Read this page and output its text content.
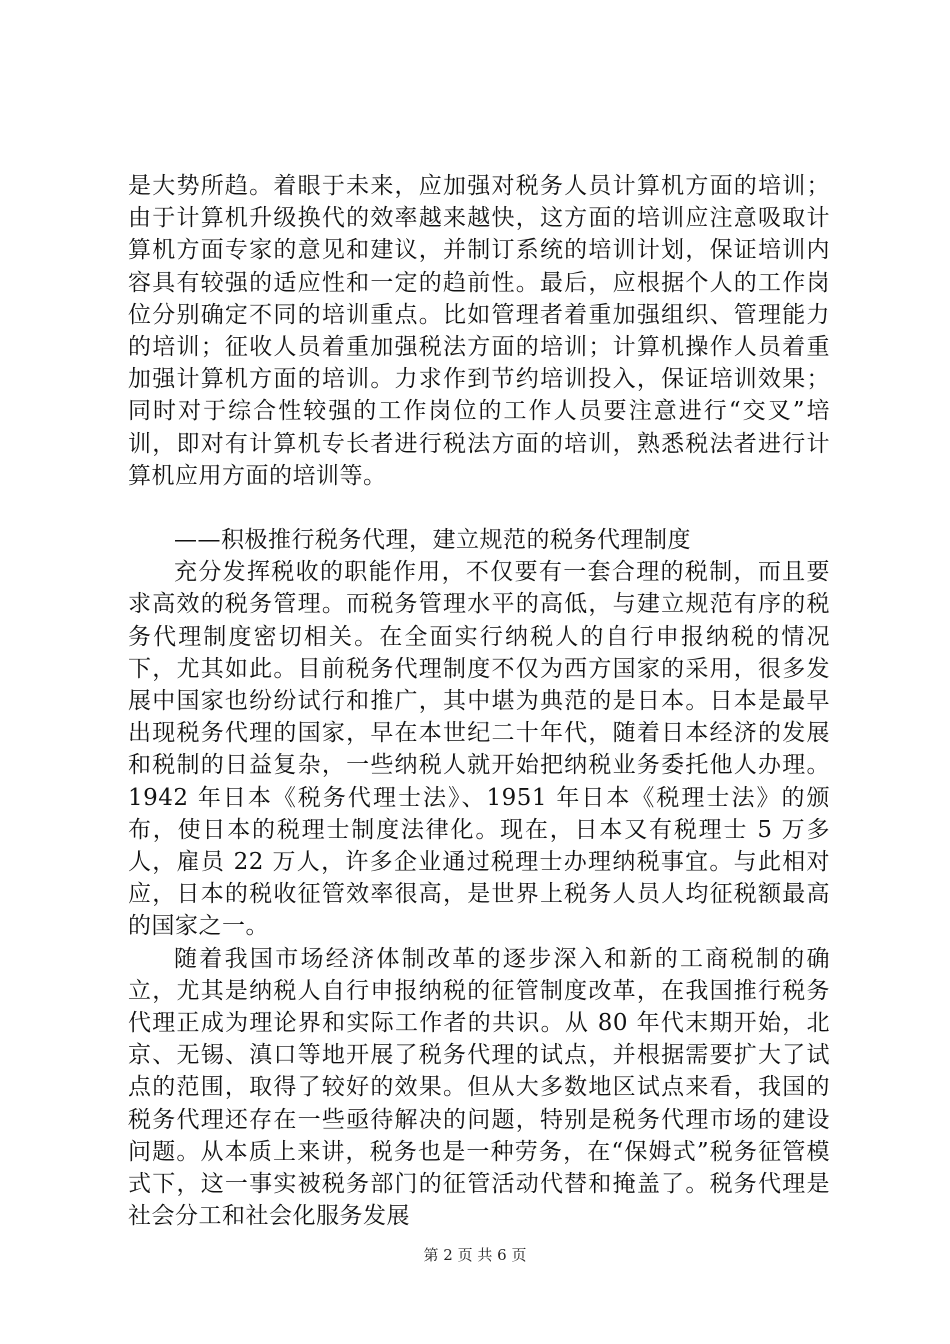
是大势所趋。着眼于未来，应加强对税务人员计算机方面的培训；由于计算机升级换代的效率越来越快，这方面的培训应注意吸取计算机方面专家的意见和建议，并制订系统的培训计划，保证培训内容具有较强的适应性和一定的趋前性。最后，应根据个人的工作岗位分别确定不同的培训重点。比如管理者着重加强组织、管理能力的培训；征收人员着重加强税法方面的培训；计算机操作人员着重加强计算机方面的培训。力求作到节约培训投入，保证培训效果；同时对于综合性较强的工作岗位的工作人员要注意进行“交叉”培训，即对有计算机专长者进行税法方面的培训，熟悉税法者进行计算机应用方面的培训等。

——积极推行税务代理，建立规范的税务代理制度

充分发挥税收的职能作用，不仅要有一套合理的税制，而且要求高效的税务管理。而税务管理水平的高低，与建立规范有序的税务代理制度密切相关。在全面实行纳税人的自行申报纳税的情况下，尤其如此。目前税务代理制度不仅为西方国家的采用，很多发展中国家也纷纷试行和推广，其中堪为典范的是日本。日本是最早出现税务代理的国家，早在本世纪二十年代，随着日本经济的发展和税制的日益复杂，一些纳税人就开始把纳税业务委托他人办理。1942 年日本《税务代理士法》、1951 年日本《税理士法》的颁布，使日本的税理士制度法律化。现在，日本又有税理士 5 万多人，雇员 22 万人，许多企业通过税理士办理纳税事宜。与此相对应，日本的税收征管效率很高，是世界上税务人员人均征税额最高的国家之一。

随着我国市场经济体制改革的逐步深入和新的工商税制的确立，尤其是纳税人自行申报纳税的征管制度改革，在我国推行税务代理正成为理论界和实际工作者的共识。从 80 年代末期开始，北京、无锡、滇口等地开展了税务代理的试点，并根据需要扩大了试点的范围，取得了较好的效果。但从大多数地区试点来看，我国的税务代理还存在一些亟待解决的问题，特别是税务代理市场的建设问题。从本质上来讲，税务也是一种劳务，在“保姆式”税务征管模式下，这一事实被税务部门的征管活动代替和掩盖了。税务代理是社会分工和社会化服务发展

第 2 页 共 6 页
